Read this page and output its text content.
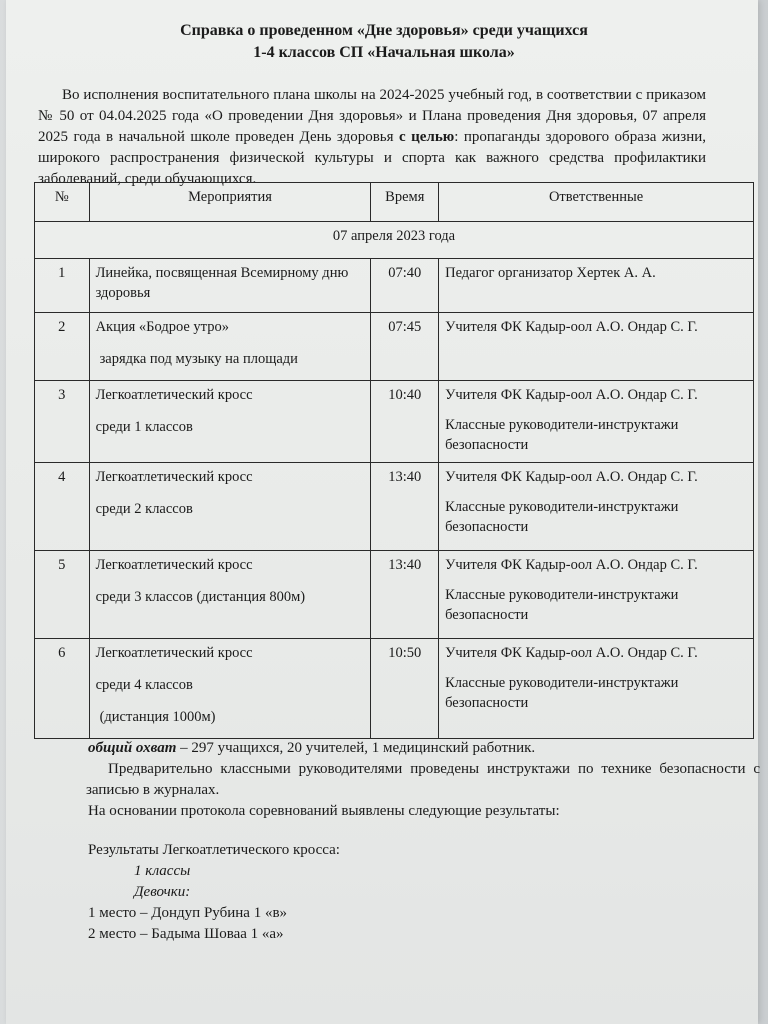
Справка о проведенном «Дне здоровья» среди учащихся
1-4 классов СП «Начальная школа»
Во исполнения воспитательного плана школы на 2024-2025 учебный год, в соответствии с приказом № 50 от 04.04.2025 года «О проведении Дня здоровья» и Плана проведения Дня здоровья, 07 апреля 2025 года в начальной школе проведен День здоровья с целью: пропаганды здорового образа жизни, широкого распространения физической культуры и спорта как важного средства профилактики заболеваний, среди обучающихся.
№	Мероприятия	Время	Ответственные
07 апреля 2023 года			
1	Линейка, посвященная Всемирному дню здоровья	07:40	Педагог организатор Хертек А. А.
2	Акция «Бодрое утро»
зарядка под музыку на площади	07:45	Учителя ФК Кадыр-оол А.О. Ондар С. Г.
3	Легкоатлетический кросс
среди 1 классов	10:40	Учителя ФК Кадыр-оол А.О. Ондар С. Г.
Классные руководители-инструктажи безопасности

4	Легкоатлетический кросс
среди 2 классов	13:40	Учителя ФК Кадыр-оол А.О. Ондар С. Г.
Классные руководители-инструктажи безопасности

5	Легкоатлетический кросс
среди 3 классов (дистанция 800м)	13:40	Учителя ФК Кадыр-оол А.О. Ондар С. Г.
Классные руководители-инструктажи безопасности

6	Легкоатлетический кросс
среди 4 классов
(дистанция 1000м)	10:50	Учителя ФК Кадыр-оол А.О. Ондар С. Г.
Классные руководители-инструктажи безопасности

общий охват – 297 учащихся, 20 учителей, 1 медицинский работник.

Предварительно классными руководителями проведены инструктажи по технике безопасности с записью в журналах.

На основании протокола соревнований выявлены следующие результаты:

Результаты Легкоатлетического кросса:

1 классы

Девочки:

1 место – Дондуп Рубина 1 «в»

2 место – Бадыма Шоваа 1 «а»
